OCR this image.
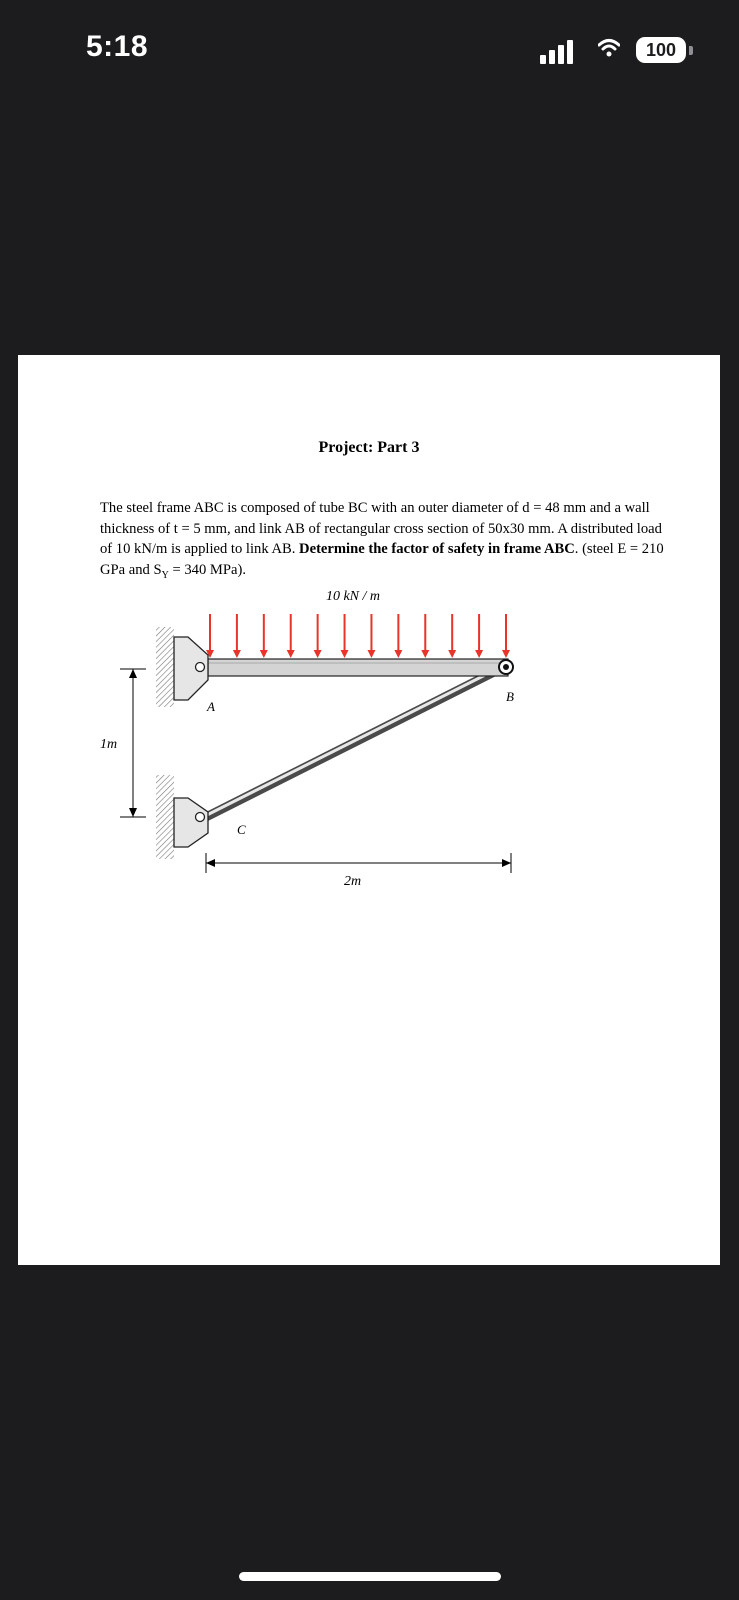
5:18	100
Project: Part 3
The steel frame ABC is composed of tube BC with an outer diameter of d = 48 mm and a wall thickness of t = 5 mm, and link AB of rectangular cross section of 50x30 mm. A distributed load of 10 kN/m is applied to link AB. Determine the factor of safety in frame ABC. (steel E = 210 GPa and $S_Y = 340$ MPa).
10 kN / m
A
B
C
1m
2m
